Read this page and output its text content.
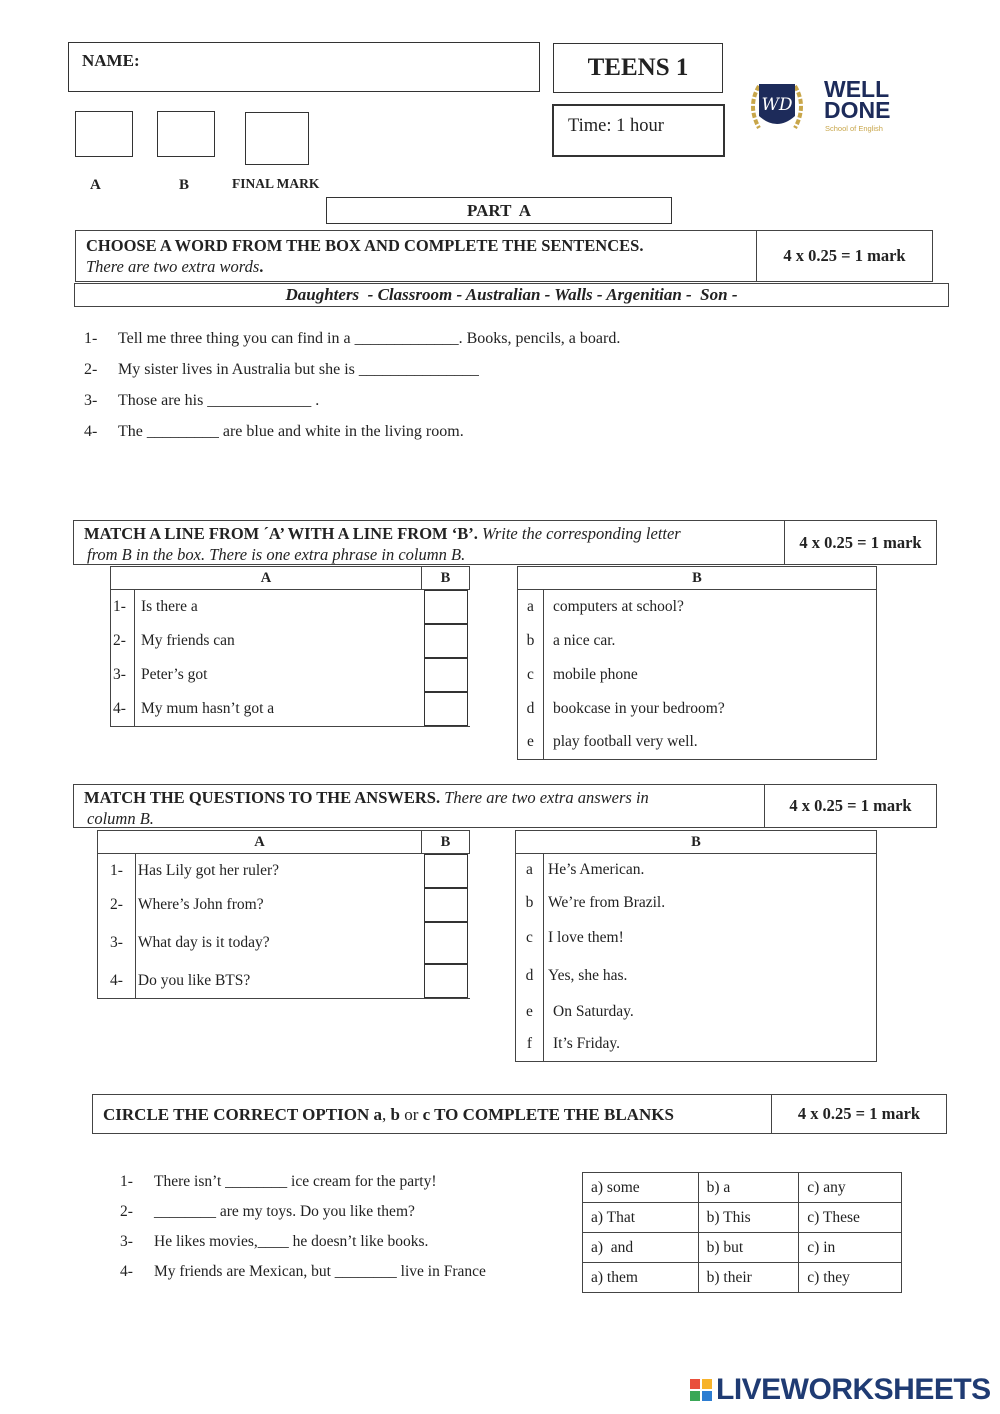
NAME:	TEENS 1
Time: 1 hour
WD
WELL
DONE
School of English
A	B	FINAL MARK
PART  A
CHOOSE A WORD FROM THE BOX AND COMPLETE THE SENTENCES.
There are two extra words.
4 x 0.25 = 1 mark
Daughters  - Classroom - Australian - Walls - Argenitian -  Son -
1- Tell me three thing you can find in a _____________. Books, pencils, a board.
2- My sister lives in Australia but she is _______________
3- Those are his _____________ .
4- The _________ are blue and white in the living room.
MATCH A LINE FROM ´A’ WITH A LINE FROM ‘B’. Write the corresponding letter
from B in the box. There is one extra phrase in column B.
4 x 0.25 = 1 mark
A		B
1-	Is there a	

2-	My friends can	

3-	Peter’s got	

4-	My mum hasn’t got a	
B	
a	computers at school?
b	a nice car.
c	mobile phone
d	bookcase in your bedroom?
e	play football very well.
MATCH THE QUESTIONS TO THE ANSWERS. There are two extra answers in
column B.
4 x 0.25 = 1 mark
A		B
1-	Has Lily got her ruler?	

2-	Where’s John from?	

3-	What day is it today?	

4-	Do you like BTS?	
B	
a	He’s American.
b	We’re from Brazil.
c	I love them!
d	Yes, she has.
e	On Saturday.
f	It’s Friday.
CIRCLE THE CORRECT OPTION a, b or c TO COMPLETE THE BLANKS	4 x 0.25 = 1 mark
1- There isn’t ________ ice cream for the party!
2- ________ are my toys. Do you like them?
3- He likes movies,____ he doesn’t like books.
4- My friends are Mexican, but ________ live in France
a) some	b) a	c) any
a) That	b) This	c) These
a)  and	b) but	c) in
a) them	b) their	c) they
LIVEWORKSHEETS
